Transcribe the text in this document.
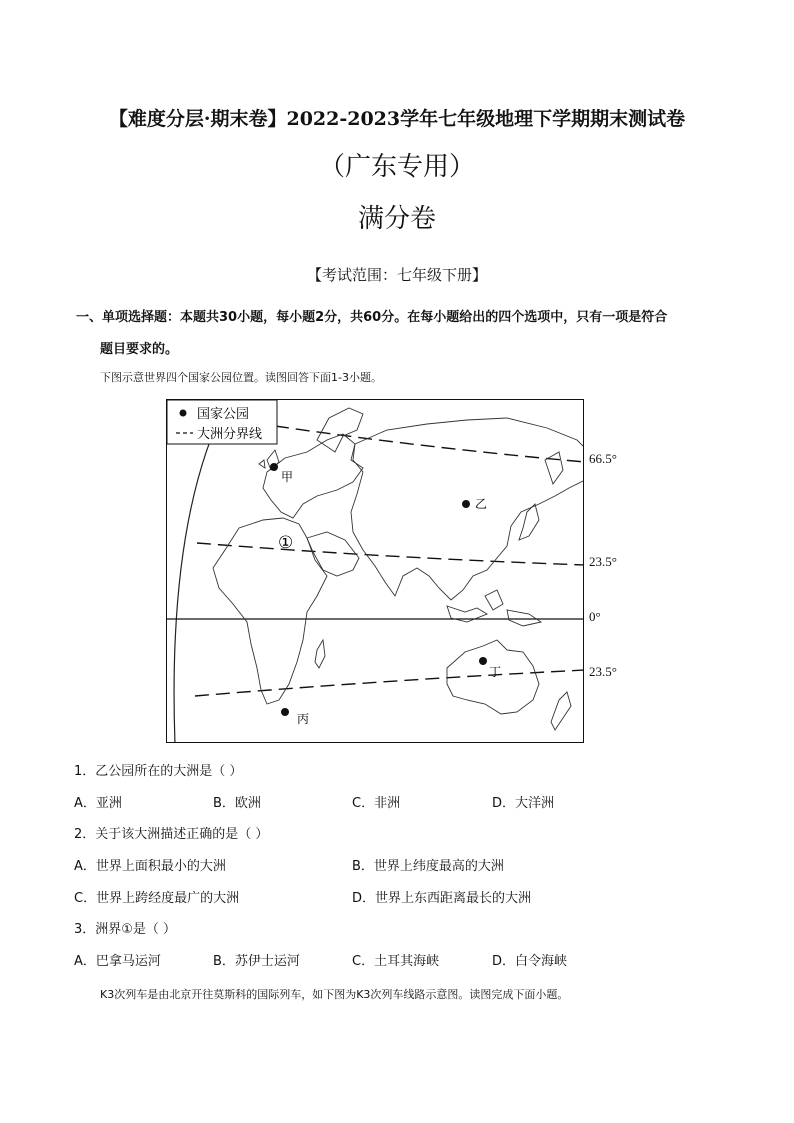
【难度分层·期末卷】2022-2023学年七年级地理下学期期末测试卷
（广东专用）
满分卷
【考试范围：七年级下册】
一、单项选择题：本题共30小题，每小题2分，共60分。在每小题给出的四个选项中，只有一项是符合
题目要求的。
下图示意世界四个国家公园位置。读图回答下面1-3小题。
国家公园
大洲分界线
甲
乙
丁
丙
①
66.5°
23.5°
0°
23.5°
1．乙公园所在的大洲是（ ）
A．亚洲	B．欧洲	C．非洲	D．大洋洲
2．关于该大洲描述正确的是（ ）
A．世界上面积最小的大洲	B．世界上纬度最高的大洲
C．世界上跨经度最广的大洲	D．世界上东西距离最长的大洲
3．洲界①是（ ）
A．巴拿马运河	B．苏伊士运河	C．土耳其海峡	D．白令海峡
K3次列车是由北京开往莫斯科的国际列车，如下图为K3次列车线路示意图。读图完成下面小题。
